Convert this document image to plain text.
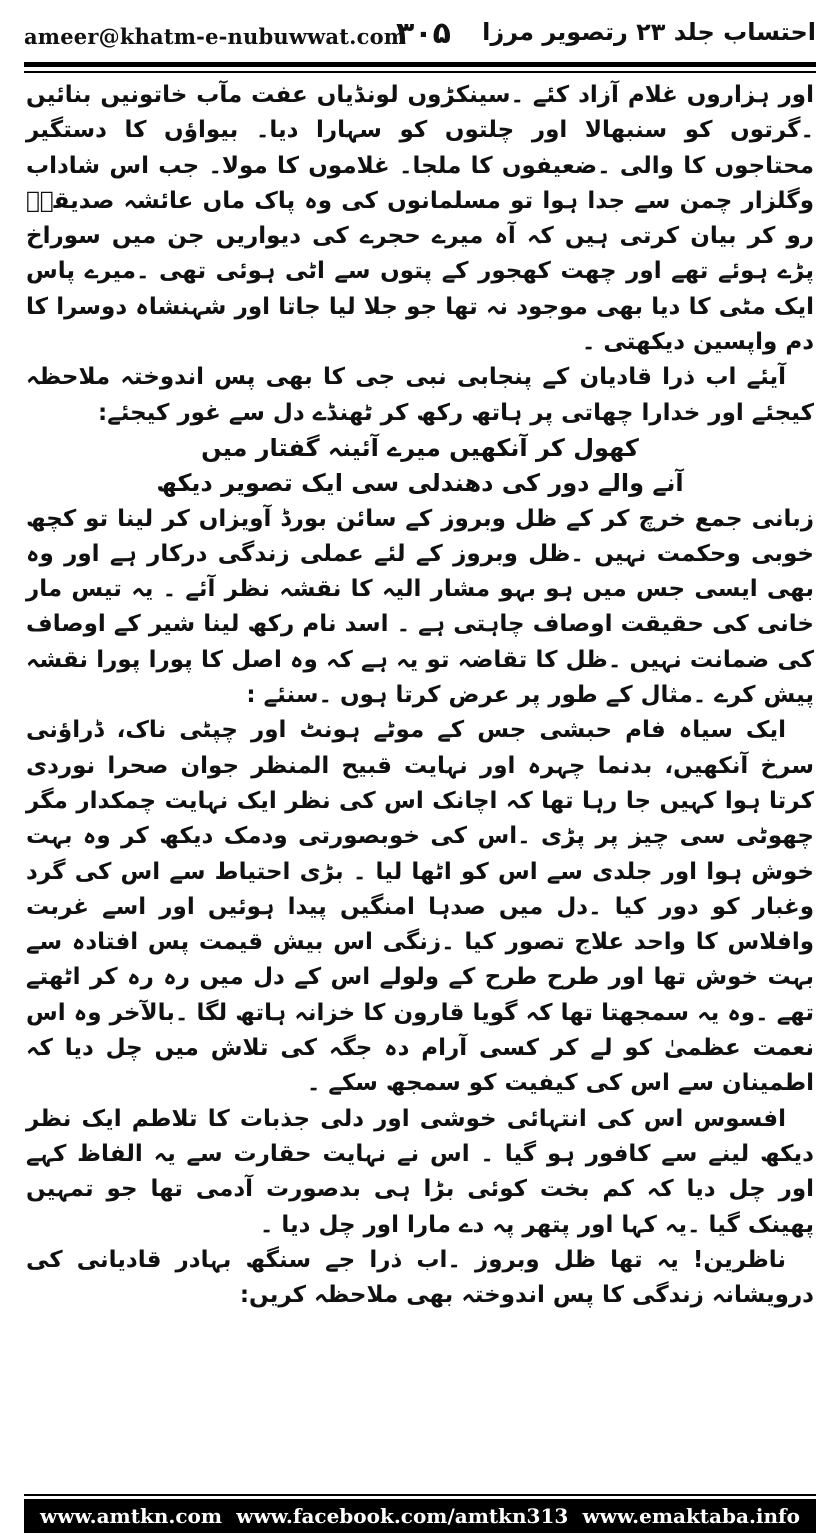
ameer@khatm-e-nubuwwat.com
۳۰۵ احتساب جلد ۲۳ رتصویر مرزا

اور ہزاروں غلام آزاد کئے ۔سینکڑوں لونڈیاں عفت مآب خاتونیں بنائیں ۔گرتوں کو سنبھالا اور چلتوں کو سہارا دیا۔ بیواؤں کا دستگیر محتاجوں کا والی ۔ضعیفوں کا ملجا۔ غلاموں کا مولا۔ جب اس شاداب وگلزار چمن سے جدا ہوا تو مسلمانوں کی وہ پاک ماں عائشہ صدیقہؓ رو کر بیان کرتی ہیں کہ آہ میرے حجرے کی دیواریں جن میں سوراخ پڑے ہوئے تھے اور چھت کھجور کے پتوں سے اٹی ہوئی تھی ۔میرے پاس ایک مٹی کا دیا بھی موجود نہ تھا جو جلا لیا جاتا اور شہنشاہ دوسرا کا دم واپسین دیکھتی ۔

آیئے اب ذرا قادیان کے پنجابی نبی جی کا بھی پس اندوختہ ملاحظہ کیجئے اور خدارا چھاتی پر ہاتھ رکھ کر ٹھنڈے دل سے غور کیجئے:

کھول کر آنکھیں میرے آئینہ گفتار میں

آنے والے دور کی دھندلی سی ایک تصویر دیکھ

زبانی جمع خرچ کر کے ظل وبروز کے سائن بورڈ آویزاں کر لینا تو کچھ خوبی وحکمت نہیں ۔ظل وبروز کے لئے عملی زندگی درکار ہے اور وہ بھی ایسی جس میں ہو بہو مشار الیہ کا نقشہ نظر آئے ۔ یہ تیس مار خانی کی حقیقت اوصاف چاہتی ہے ۔ اسد نام رکھ لینا شیر کے اوصاف کی ضمانت نہیں ۔ظل کا تقاضہ تو یہ ہے کہ وہ اصل کا پورا پورا نقشہ پیش کرے ۔مثال کے طور پر عرض کرتا ہوں ۔سنئے :

ایک سیاہ فام حبشی جس کے موٹے ہونٹ اور چپٹی ناک، ڈراؤنی سرخ آنکھیں، بدنما چہرہ اور نہایت قبیح المنظر جوان صحرا نوردی کرتا ہوا کہیں جا رہا تھا کہ اچانک اس کی نظر ایک نہایت چمکدار مگر چھوٹی سی چیز پر پڑی ۔اس کی خوبصورتی ودمک دیکھ کر وہ بہت خوش ہوا اور جلدی سے اس کو اٹھا لیا ۔ بڑی احتیاط سے اس کی گرد وغبار کو دور کیا ۔دل میں صدہا امنگیں پیدا ہوئیں اور اسے غربت وافلاس کا واحد علاج تصور کیا ۔زنگی اس بیش قیمت پس افتادہ سے بہت خوش تھا اور طرح طرح کے ولولے اس کے دل میں رہ رہ کر اٹھتے تھے ۔وہ یہ سمجھتا تھا کہ گویا قارون کا خزانہ ہاتھ لگا ۔بالآخر وہ اس نعمت عظمیٰ کو لے کر کسی آرام دہ جگہ کی تلاش میں چل دیا کہ اطمینان سے اس کی کیفیت کو سمجھ سکے ۔

افسوس اس کی انتہائی خوشی اور دلی جذبات کا تلاطم ایک نظر دیکھ لینے سے کافور ہو گیا ۔ اس نے نہایت حقارت سے یہ الفاظ کہے اور چل دیا کہ کم بخت کوئی بڑا ہی بدصورت آدمی تھا جو تمہیں پھینک گیا ۔یہ کہا اور پتھر پہ دے مارا اور چل دیا ۔

ناظرین! یہ تھا ظل وبروز ۔اب ذرا جے سنگھ بہادر قادیانی کی درویشانہ زندگی کا پس اندوختہ بھی ملاحظہ کریں:

www.amtkn.com www.facebook.com/amtkn313 www.emaktaba.info
